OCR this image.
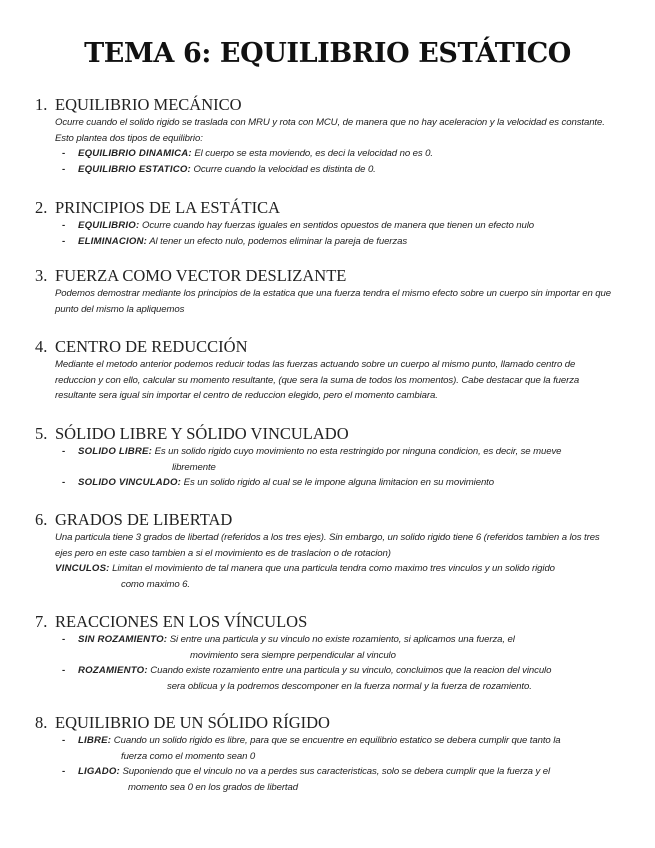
TEMA 6: EQUILIBRIO ESTÁTICO
1. EQUILIBRIO MECÁNICO
Ocurre cuando el solido rigido se traslada con MRU y rota con MCU, de manera que no hay aceleracion y la velocidad es constante. Esto plantea dos tipos de equilibrio:
- EQUILIBRIO DINAMICA: El cuerpo se esta moviendo, es deci la velocidad no es 0.
- EQUILIBRIO ESTATICO: Ocurre cuando la velocidad es distinta de 0.
2. PRINCIPIOS DE LA ESTÁTICA
- EQUILIBRIO: Ocurre cuando hay fuerzas iguales en sentidos opuestos de manera que tienen un efecto nulo
- ELIMINACION: Al tener un efecto nulo, podemos eliminar la pareja de fuerzas
3. FUERZA COMO VECTOR DESLIZANTE
Podemos demostrar mediante los principios de la estatica que una fuerza tendra el mismo efecto sobre un cuerpo sin importar en que punto del mismo la apliquemos
4. CENTRO DE REDUCCIÓN
Mediante el metodo anterior podemos reducir todas las fuerzas actuando sobre un cuerpo al mismo punto, llamado centro de reduccion y con ello, calcular su momento resultante, (que sera la suma de todos los momentos). Cabe destacar que la fuerza resultante sera igual sin importar el centro de reduccion elegido, pero el momento cambiara.
5. SÓLIDO LIBRE Y SÓLIDO VINCULADO
- SOLIDO LIBRE: Es un solido rigido cuyo movimiento no esta restringido por ninguna condicion, es decir, se mueve
libremente
- SOLIDO VINCULADO: Es un solido rigido al cual se le impone alguna limitacion en su movimiento
6. GRADOS DE LIBERTAD
Una particula tiene 3 grados de libertad (referidos a los tres ejes). Sin embargo, un solido rigido tiene 6 (referidos tambien a los tres ejes pero en este caso tambien a si el movimiento es de traslacion o de rotacion)
VINCULOS: Limitan el movimiento de tal manera que una particula tendra como maximo tres vinculos y un solido rigido
como maximo 6.
7. REACCIONES EN LOS VÍNCULOS
- SIN ROZAMIENTO: Si entre una particula y su vinculo no existe rozamiento, si aplicamos una fuerza, el
movimiento sera siempre perpendicular al vinculo
- ROZAMIENTO: Cuando existe rozamiento entre una particula y su vinculo, concluimos que la reacion del vinculo
sera oblicua y la podremos descomponer en la fuerza normal y la fuerza de rozamiento.
8. EQUILIBRIO DE UN SÓLIDO RÍGIDO
- LIBRE: Cuando un solido rigido es libre, para que se encuentre en equilibrio estatico se debera cumplir que tanto la
fuerza como el momento sean 0
- LIGADO: Suponiendo que el vinculo no va a perdes sus caracteristicas, solo se debera cumplir que la fuerza y el
momento sea 0 en los grados de libertad
